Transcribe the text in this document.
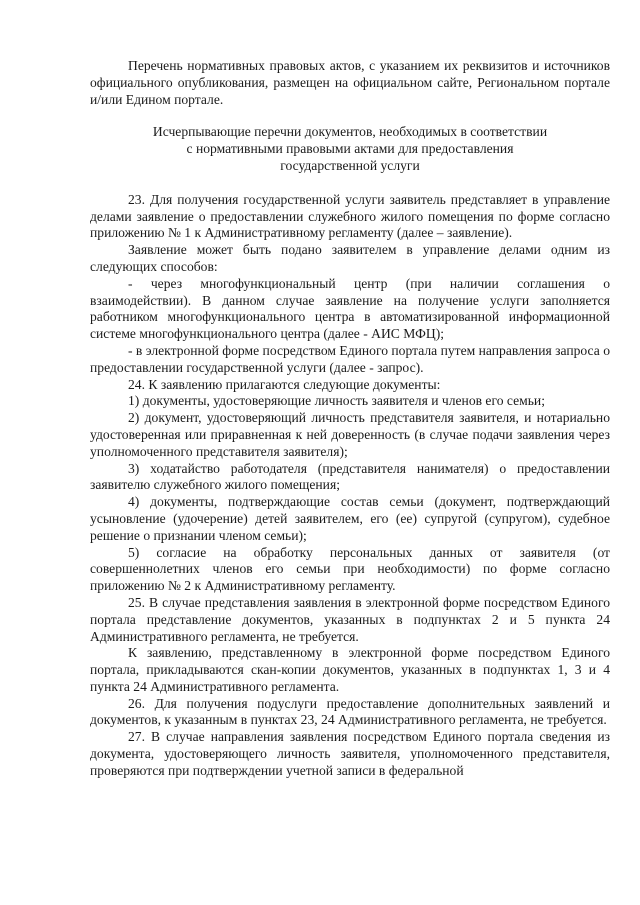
Перечень нормативных правовых актов, с указанием их реквизитов и источников официального опубликования, размещен на официальном сайте, Региональном портале и/или Едином портале.

Исчерпывающие перечни документов, необходимых в соответствии
с нормативными правовыми актами для предоставления
государственной услуги

23. Для получения государственной услуги заявитель представляет в управление делами заявление о предоставлении служебного жилого помещения по форме согласно приложению № 1 к Административному регламенту (далее – заявление).

Заявление может быть подано заявителем в управление делами одним из следующих способов:

- через многофункциональный центр (при наличии соглашения о взаимодействии). В данном случае заявление на получение услуги заполняется работником многофункционального центра в автоматизированной информационной системе многофункционального центра (далее - АИС МФЦ);

- в электронной форме посредством Единого портала путем направления запроса о предоставлении государственной услуги (далее - запрос).

24. К заявлению прилагаются следующие документы:

1) документы, удостоверяющие личность заявителя и членов его семьи;

2) документ, удостоверяющий личность представителя заявителя, и нотариально удостоверенная или приравненная к ней доверенность (в случае подачи заявления через уполномоченного представителя заявителя);

3) ходатайство работодателя (представителя нанимателя) о предоставлении заявителю служебного жилого помещения;

4) документы, подтверждающие состав семьи (документ, подтверждающий усыновление (удочерение) детей заявителем, его (ее) супругой (супругом), судебное решение о признании членом семьи);

5) согласие на обработку персональных данных от заявителя (от совершеннолетних членов его семьи при необходимости) по форме согласно приложению № 2 к Административному регламенту.

25. В случае представления заявления в электронной форме посредством Единого портала представление документов, указанных в подпунктах 2 и 5 пункта 24 Административного регламента, не требуется.

К заявлению, представленному в электронной форме посредством Единого портала, прикладываются скан-копии документов, указанных в подпунктах 1, 3 и 4 пункта 24 Административного регламента.

26. Для получения подуслуги предоставление дополнительных заявлений и документов, к указанным в пунктах 23, 24 Административного регламента, не требуется.

27. В случае направления заявления посредством Единого портала сведения из документа, удостоверяющего личность заявителя, уполномоченного представителя, проверяются при подтверждении учетной записи в федеральной
